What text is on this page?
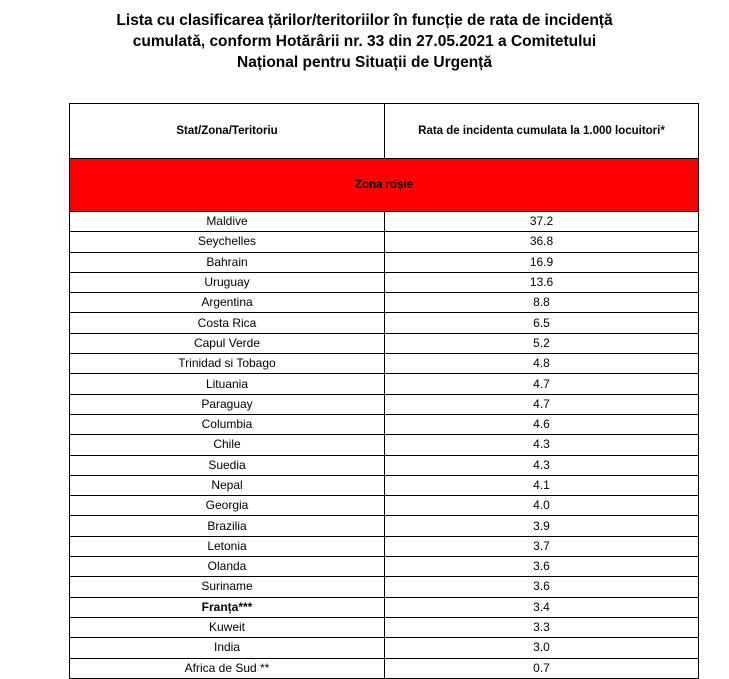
Lista cu clasificarea țărilor/teritoriilor în funcție de rata de incidență
cumulată, conform Hotărârii nr. 33 din 27.05.2021 a Comitetului
Național pentru Situații de Urgență
Stat/Zona/Teritoriu	Rata de incidenta cumulata la 1.000 locuitori*
Zona roșie	
Maldive	37.2
Seychelles	36.8
Bahrain	16.9
Uruguay	13.6
Argentina	8.8
Costa Rica	6.5
Capul Verde	5.2
Trinidad si Tobago	4.8
Lituania	4.7
Paraguay	4.7
Columbia	4.6
Chile	4.3
Suedia	4.3
Nepal	4.1
Georgia	4.0
Brazilia	3.9
Letonia	3.7
Olanda	3.6
Suriname	3.6
Franța***	3.4
Kuweit	3.3
India	3.0
Africa de Sud **	0.7
